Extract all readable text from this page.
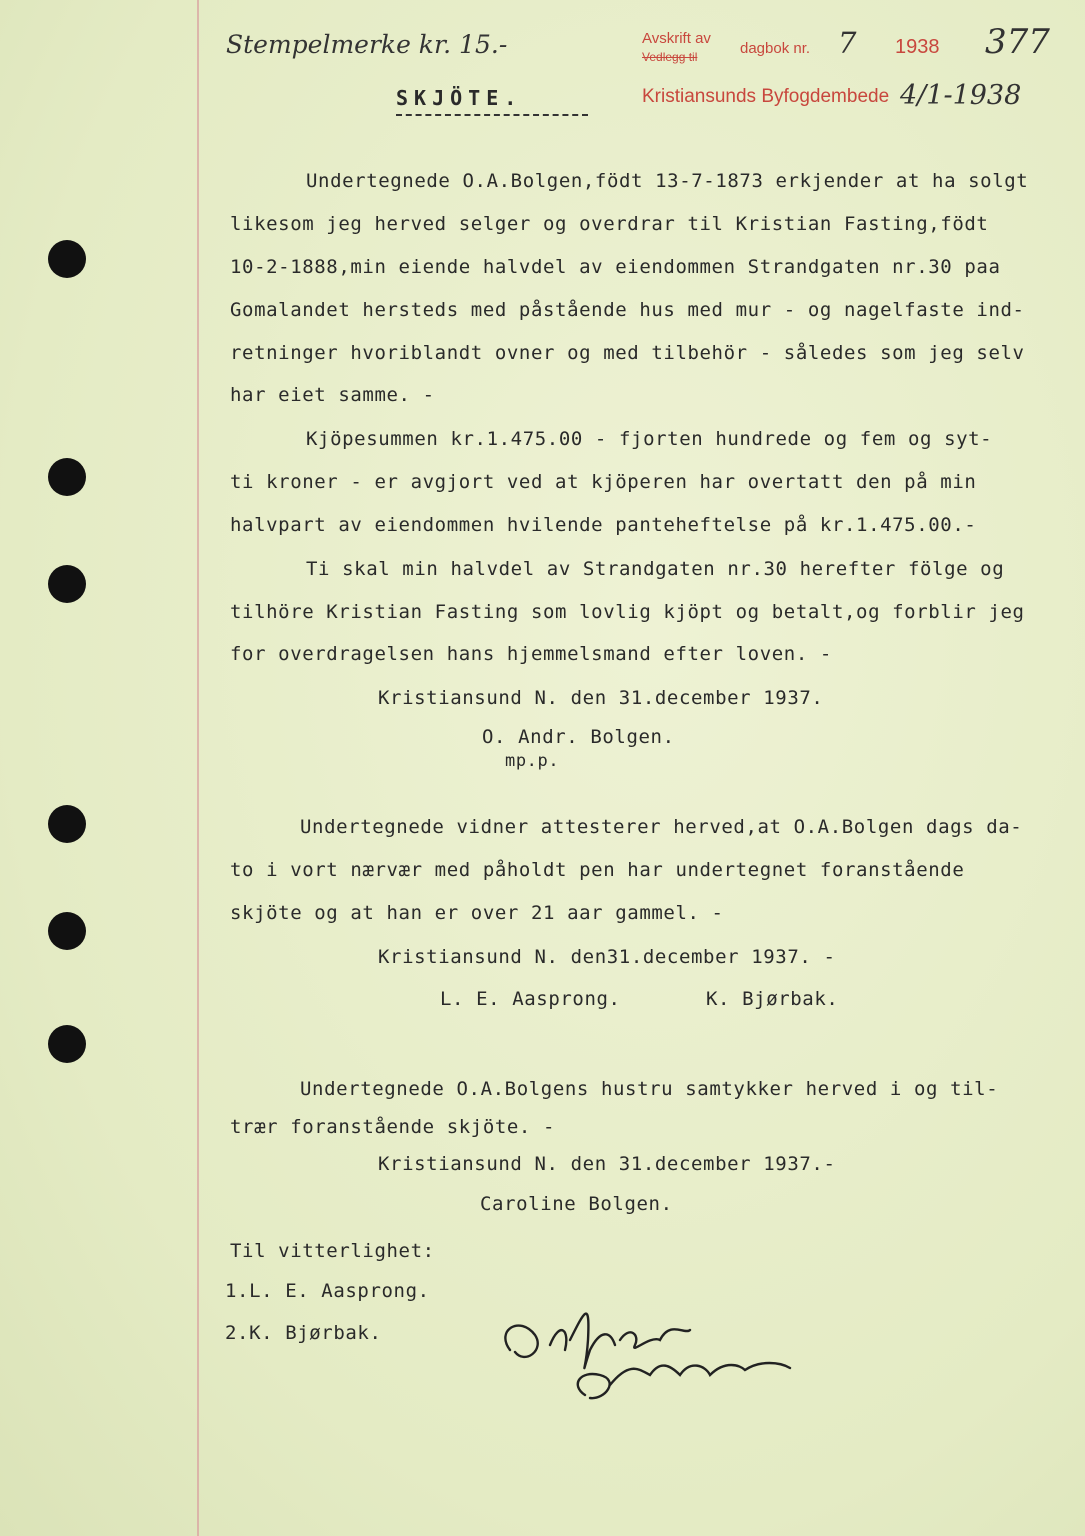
Stempelmerke kr. 15.-	Avskrift av
Vedlegg til	dagbok nr. 7 1938 377
Kristiansunds Byfogdembede 4/1-1938
SKJÖTE.
Undertegnede O.A.Bolgen,födt 13-7-1873 erkjender at ha solgt
likesom jeg herved selger og overdrar til Kristian Fasting,födt
10-2-1888,min eiende halvdel av eiendommen Strandgaten nr.30 paa
Gomalandet hersteds med påstående hus med mur - og nagelfaste ind-
retninger hvoriblandt ovner og med tilbehör - således som jeg selv
har eiet samme. -
Kjöpesummen kr.1.475.00 - fjorten hundrede og fem og syt-
ti kroner - er avgjort ved at kjöperen har overtatt den på min
halvpart av eiendommen hvilende panteheftelse på kr.1.475.00.-
Ti skal min halvdel av Strandgaten nr.30 herefter fölge og
tilhöre Kristian Fasting som lovlig kjöpt og betalt,og forblir jeg
for overdragelsen hans hjemmelsmand efter loven. -
Kristiansund N. den 31.december 1937.
O. Andr. Bolgen.
mp.p.
Undertegnede vidner attesterer herved,at O.A.Bolgen dags da-
to i vort nærvær med påholdt pen har undertegnet foranstående
skjöte og at han er over 21 aar gammel. -
Kristiansund N. den31.december 1937. -
L. E. Aasprong.	K. Bjørbak.
Undertegnede O.A.Bolgens hustru samtykker herved i og til-
trær foranstående skjöte. -
Kristiansund N. den 31.december 1937.-
Caroline Bolgen.
Til vitterlighet:
1.L. E. Aasprong.
2.K. Bjørbak.
